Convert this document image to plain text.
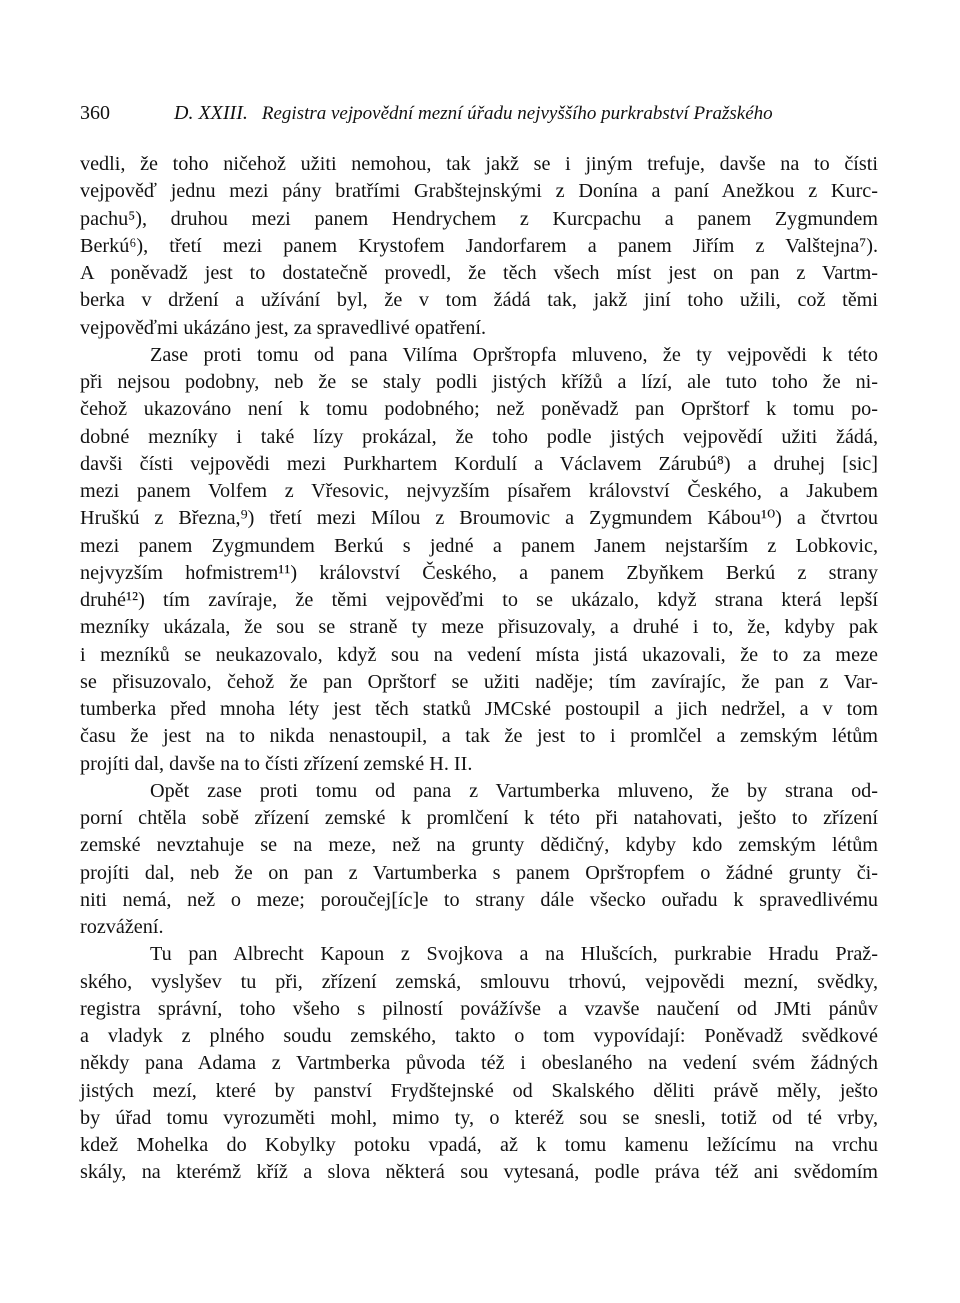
360	D. XXIII. Registra vejpovědní mezní úřadu nejvyššího purkrabství Pražského
vedli, že toho ničehož užiti nemohou, tak jakž se i jiným trefuje, davše na to čísti
vejpověď jednu mezi pány bratřími Grabštejnskými z Donína a paní Anežkou z Kurc-
pachu⁵), druhou mezi panem Hendrychem z Kurcpachu a panem Zygmundem
Berkú⁶), třetí mezi panem Krystofem Jandorfarem a panem Jiřím z Valštejna⁷).
A poněvadž jest to dostatečně provedl, že těch všech míst jest on pan z Vartm-
berka v držení a užívání byl, že v tom žádá tak, jakž jiní toho užili, což těmi
vejpověďmi ukázáno jest, za spravedlivé opatření.
Zase proti tomu od pana Vilíma Opršторfa mluveno, že ty vejpovědi k této
při nejsou podobny, neb že se staly podli jistých křížů a lízí, ale tuto toho že ni-
čehož ukazováno není k tomu podobného; než poněvadž pan Oprštorf k tomu po-
dobné mezníky i také lízy prokázal, že toho podle jistých vejpovědí užiti žádá,
davši čísti vejpovědi mezi Purkhartem Kordulí a Václavem Zárubú⁸) a druhej [sic]
mezi panem Volfem z Vřesovic, nejvyzším písařem království Českého, a Jakubem
Hruškú z Března,⁹) třetí mezi Mílou z Broumovic a Zygmundem Kábou¹⁰) a čtvrtou
mezi panem Zygmundem Berkú s jedné a panem Janem nejstarším z Lobkovic,
nejvyzším hofmistrem¹¹) království Českého, a panem Zbyňkem Berkú z strany
druhé¹²) tím zavíraje, že těmi vejpověďmi to se ukázalo, když strana která lepší
mezníky ukázala, že sou se straně ty meze přisuzovaly, a druhé i to, že, kdyby pak
i mezníků se neukazovalo, když sou na vedení místa jistá ukazovali, že to za meze
se přisuzovalo, čehož že pan Oprštorf se užiti naděje; tím zavírajíc, že pan z Var-
tumberka před mnoha léty jest těch statků JMCské postoupil a jich nedržel, a v tom
času že jest na to nikda nenastoupil, a tak že jest to i promlčel a zemským létům
projíti dal, davše na to čísti zřízení zemské H. II.
Opět zase proti tomu od pana z Vartumberka mluveno, že by strana od-
porní chtěla sobě zřízení zemské k promlčení k této při natahovati, ješto to zřízení
zemské nevztahuje se na meze, než na grunty dědičný, kdyby kdo zemským létům
projíti dal, neb že on pan z Vartumberka s panem Opršторfem o žádné grunty či-
niti nemá, než o meze; poroučej[íc]e to strany dále všecko ouřadu k spravedlivému
rozvážení.
Tu pan Albrecht Kapoun z Svojkova a na Hlušcích, purkrabie Hradu Praž-
ského, vyslyšev tu při, zřízení zemská, smlouvu trhovú, vejpovědi mezní, svědky,
registra správní, toho všeho s pilností povážívše a vzavše naučení od JMti pánův
a vladyk z plného soudu zemského, takto o tom vypovídají: Poněvadž svědkové
někdy pana Adama z Vartmberka původa též i obeslaného na vedení svém žádných
jistých mezí, které by panství Frydštejnské od Skalského děliti právě měly, ješto
by úřad tomu vyrozuměti mohl, mimo ty, o kteréž sou se snesli, totiž od té vrby,
kdež Mohelka do Kobylky potoku vpadá, až k tomu kamenu ležícímu na vrchu
skály, na kterémž kříž a slova některá sou vytesaná, podle práva též ani svědomím
